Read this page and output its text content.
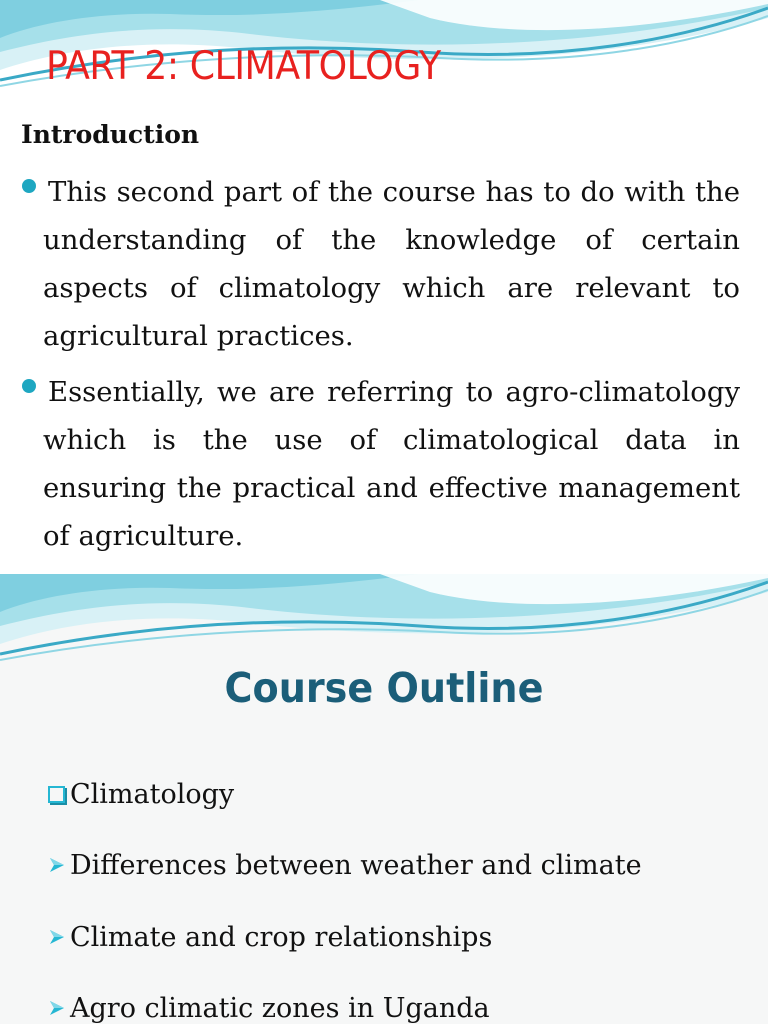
PART 2: CLIMATOLOGY
Introduction
This second part of the course has to do with the understanding of the knowledge of certain aspects of climatology which are relevant to agricultural practices.
Essentially, we are referring to agro-climatology which is the use of climatological data in ensuring the practical and effective management of agriculture.
Course Outline
Climatology
Differences between weather and climate
Climate and crop relationships
Agro climatic zones in Uganda
